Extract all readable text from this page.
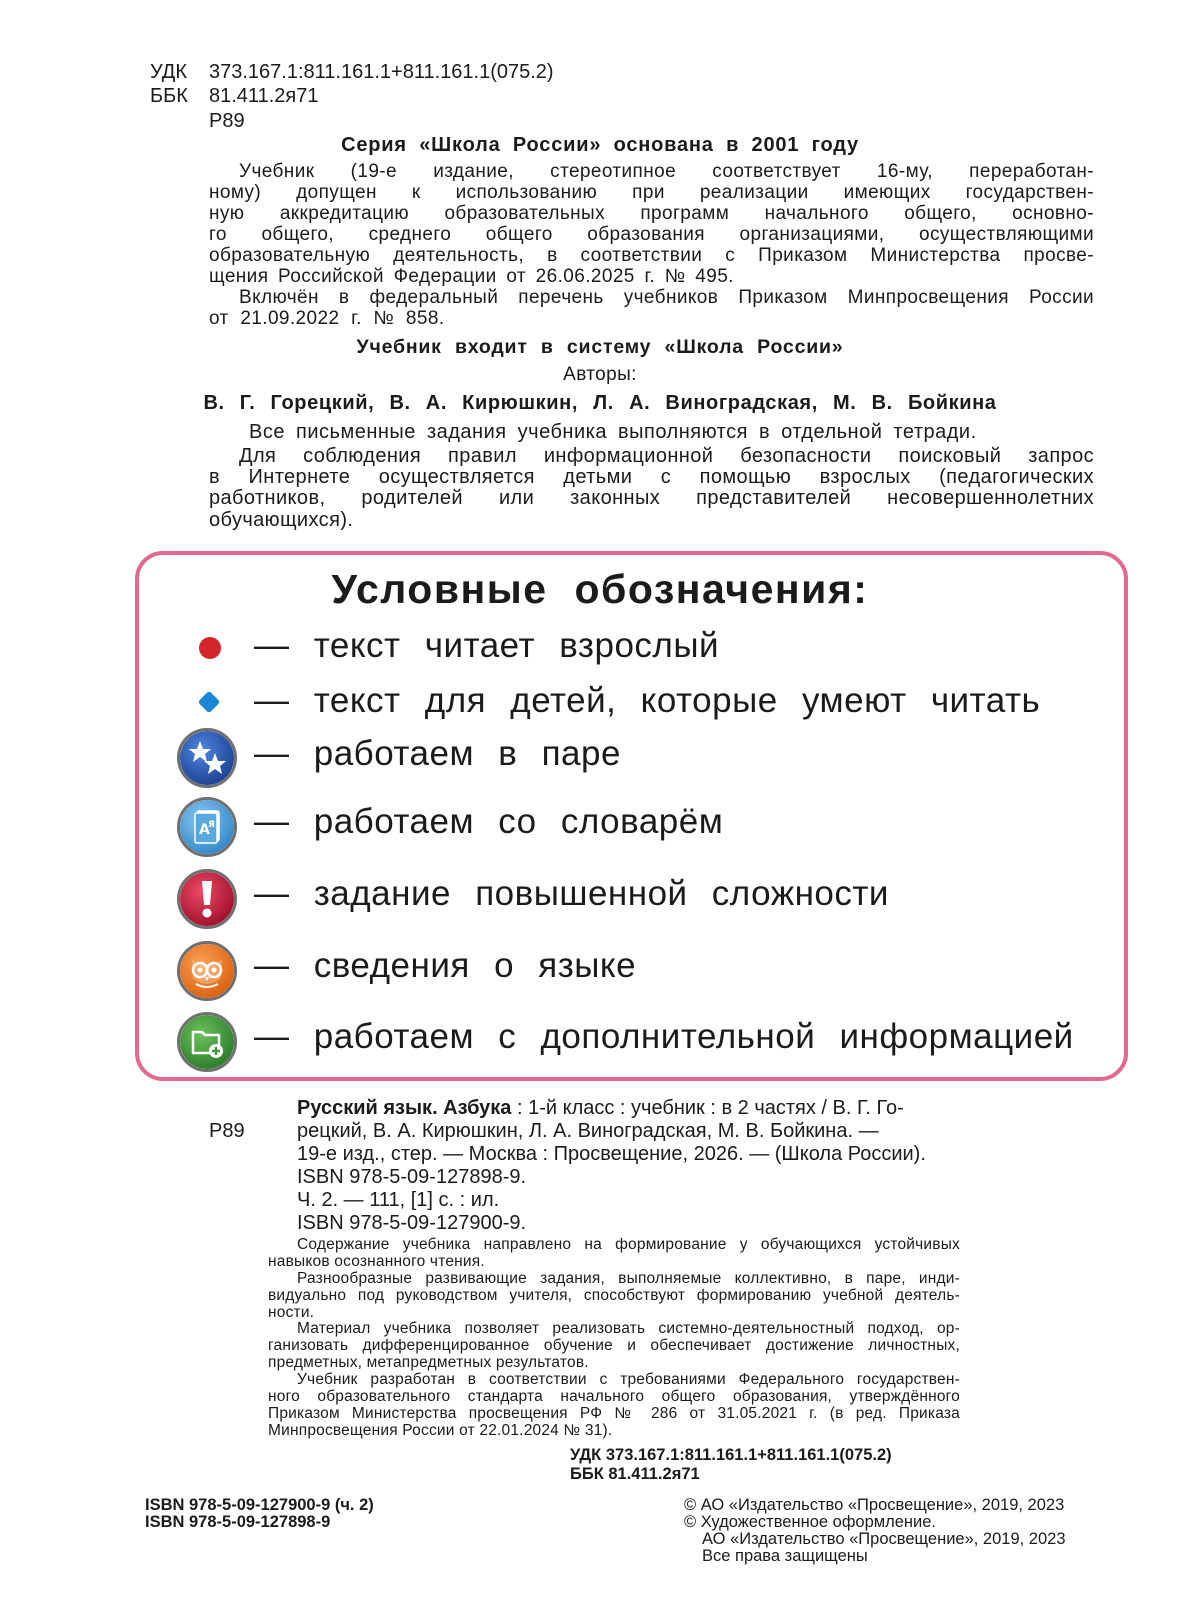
УДК 373.167.1:811.161.1+811.161.1(075.2)
ББК 81.411.2я71
Р89
Серия «Школа России» основана в 2001 году
Учебник (19-е издание, стереотипное соответствует 16-му, переработан-
ному) допущен к использованию при реализации имеющих государствен-
ную аккредитацию образовательных программ начального общего, основно-
го общего, среднего общего образования организациями, осуществляющими
образовательную деятельность, в соответствии с Приказом Министерства просве-
щения Российской Федерации от 26.06.2025 г. № 495.
Включён в федеральный перечень учебников Приказом Минпросвещения России
от 21.09.2022 г. № 858.
Учебник входит в систему «Школа России»
Авторы:
В. Г. Горецкий, В. А. Кирюшкин, Л. А. Виноградская, М. В. Бойкина
Все письменные задания учебника выполняются в отдельной тетради.
Для соблюдения правил информационной безопасности поисковый запрос
в Интернете осуществляется детьми с помощью взрослых (педагогических
работников, родителей или законных представителей несовершеннолетних
обучающихся).
Условные обозначения:
— текст читает взрослый
— текст для детей, которые умеют читать
— работаем в паре
A
Я — работаем со словарём
— задание повышенной сложности
— сведения о языке
— работаем с дополнительной информацией
Р89
Русский язык. Азбука : 1-й класс : учебник : в 2 частях / В. Г. Го-
рецкий, В. А. Кирюшкин, Л. А. Виноградская, М. В. Бойкина. —
19-е изд., стер. — Москва : Просвещение, 2026. — (Школа России).
ISBN 978-5-09-127898-9.
Ч. 2. — 111, [1] с. : ил.
ISBN 978-5-09-127900-9.
Содержание учебника направлено на формирование у обучающихся устойчивых
навыков осознанного чтения.
Разнообразные развивающие задания, выполняемые коллективно, в паре, инди-
видуально под руководством учителя, способствуют формированию учебной деятель-
ности.
Материал учебника позволяет реализовать системно-деятельностный подход, ор-
ганизовать дифференцированное обучение и обеспечивает достижение личностных,
предметных, метапредметных результатов.
Учебник разработан в соответствии с требованиями Федерального государствен-
ного образовательного стандарта начального общего образования, утверждённого
Приказом Министерства просвещения РФ № 286 от 31.05.2021 г. (в ред. Приказа
Минпросвещения России от 22.01.2024 № 31).
УДК 373.167.1:811.161.1+811.161.1(075.2)
ББК 81.411.2я71
ISBN 978-5-09-127900-9 (ч. 2)
ISBN 978-5-09-127898-9
© АО «Издательство «Просвещение», 2019, 2023
© Художественное оформление.
АО «Издательство «Просвещение», 2019, 2023
Все права защищены
